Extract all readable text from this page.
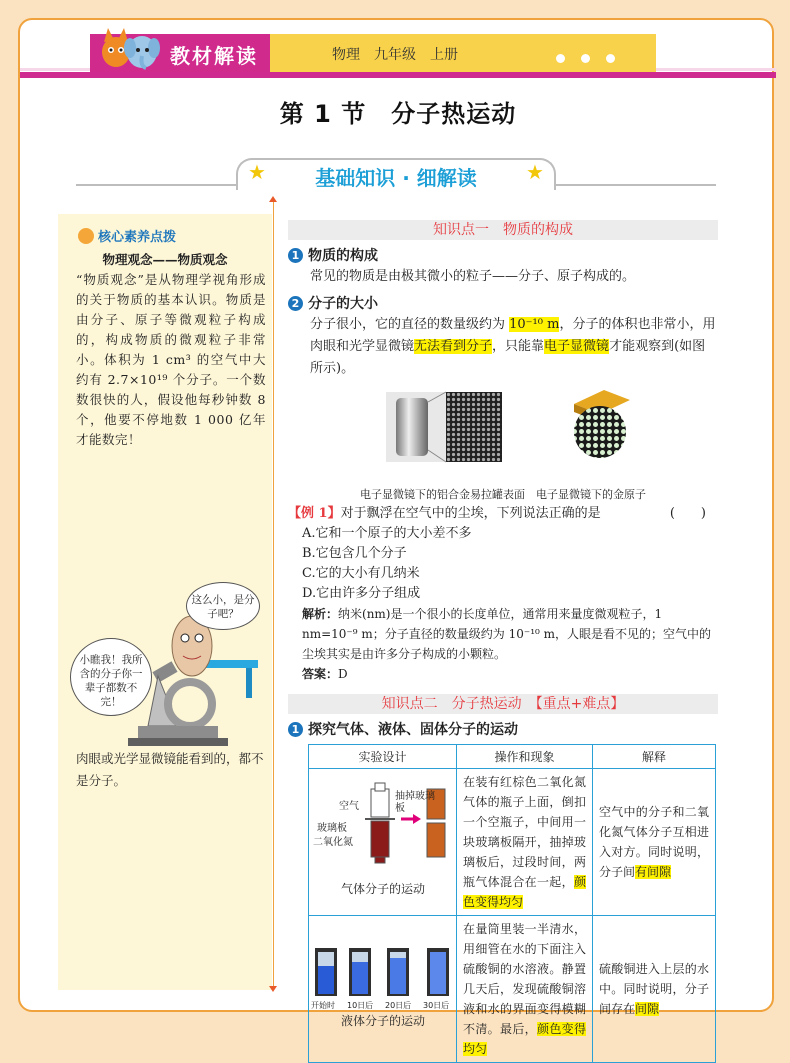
教材解读	物理　九年级　上册
第 1 节　分子热运动
★	★
基础知识 · 细解读
核心素养点拨
物理观念——物质观念
“物质观念”是从物理学视角形成的关于物质的基本认识。物质是由分子、原子等微观粒子构成的，构成物质的微观粒子非常小。体积为 1 cm³ 的空气中大约有 2.7×10¹⁹ 个分子。一个数数很快的人，假设他每秒钟数 8 个，他要不停地数 1 000 亿年才能数完！
这么小，是分子吧？
小瞧我！我所含的分子你一辈子都数不完！
肉眼或光学显微镜能看到的，都不是分子。
知识点一　物质的构成
1 物质的构成
常见的物质是由极其微小的粒子——分子、原子构成的。
2 分子的大小
分子很小，它的直径的数量级约为 10⁻¹⁰ m，分子的体积也非常小，用肉眼和光学显微镜无法看到分子，只能靠电子显微镜才能观察到(如图所示)。
电子显微镜下的铝合金易拉罐表面　电子显微镜下的金原子
【例 1】对于飘浮在空气中的尘埃，下列说法正确的是	(　　)
A.它和一个原子的大小差不多B.它包含几个分子
C.它的大小有几纳米D.它由许多分子组成
解析：纳米(nm)是一个很小的长度单位，通常用来量度微观粒子，1 nm=10⁻⁹ m；分子直径的数量级约为 10⁻¹⁰ m，人眼是看不见的；空气中的尘埃其实是由许多分子构成的小颗粒。
答案：D
知识点二　分子热运动　【重点+难点】
1 探究气体、液体、固体分子的运动
实验设计	操作和现象	解释

空气
玻璃板
二氧化氮
抽掉玻璃板
气体分子的运动	在装有红棕色二氧化氮气体的瓶子上面，倒扣一个空瓶子，中间用一块玻璃板隔开，抽掉玻璃板后，过段时间，两瓶气体混合在一起，颜色变得均匀	空气中的分子和二氧化氮气体分子互相进入对方。同时说明，分子间有间隙

开始时 10日后 20日后 30日后
液体分子的运动	在量筒里装一半清水，用细管在水的下面注入硫酸铜的水溶液。静置几天后，发现硫酸铜溶液和水的界面变得模糊不清。最后，颜色变得均匀	硫酸铜进入上层的水中。同时说明，分子间存在间隙
